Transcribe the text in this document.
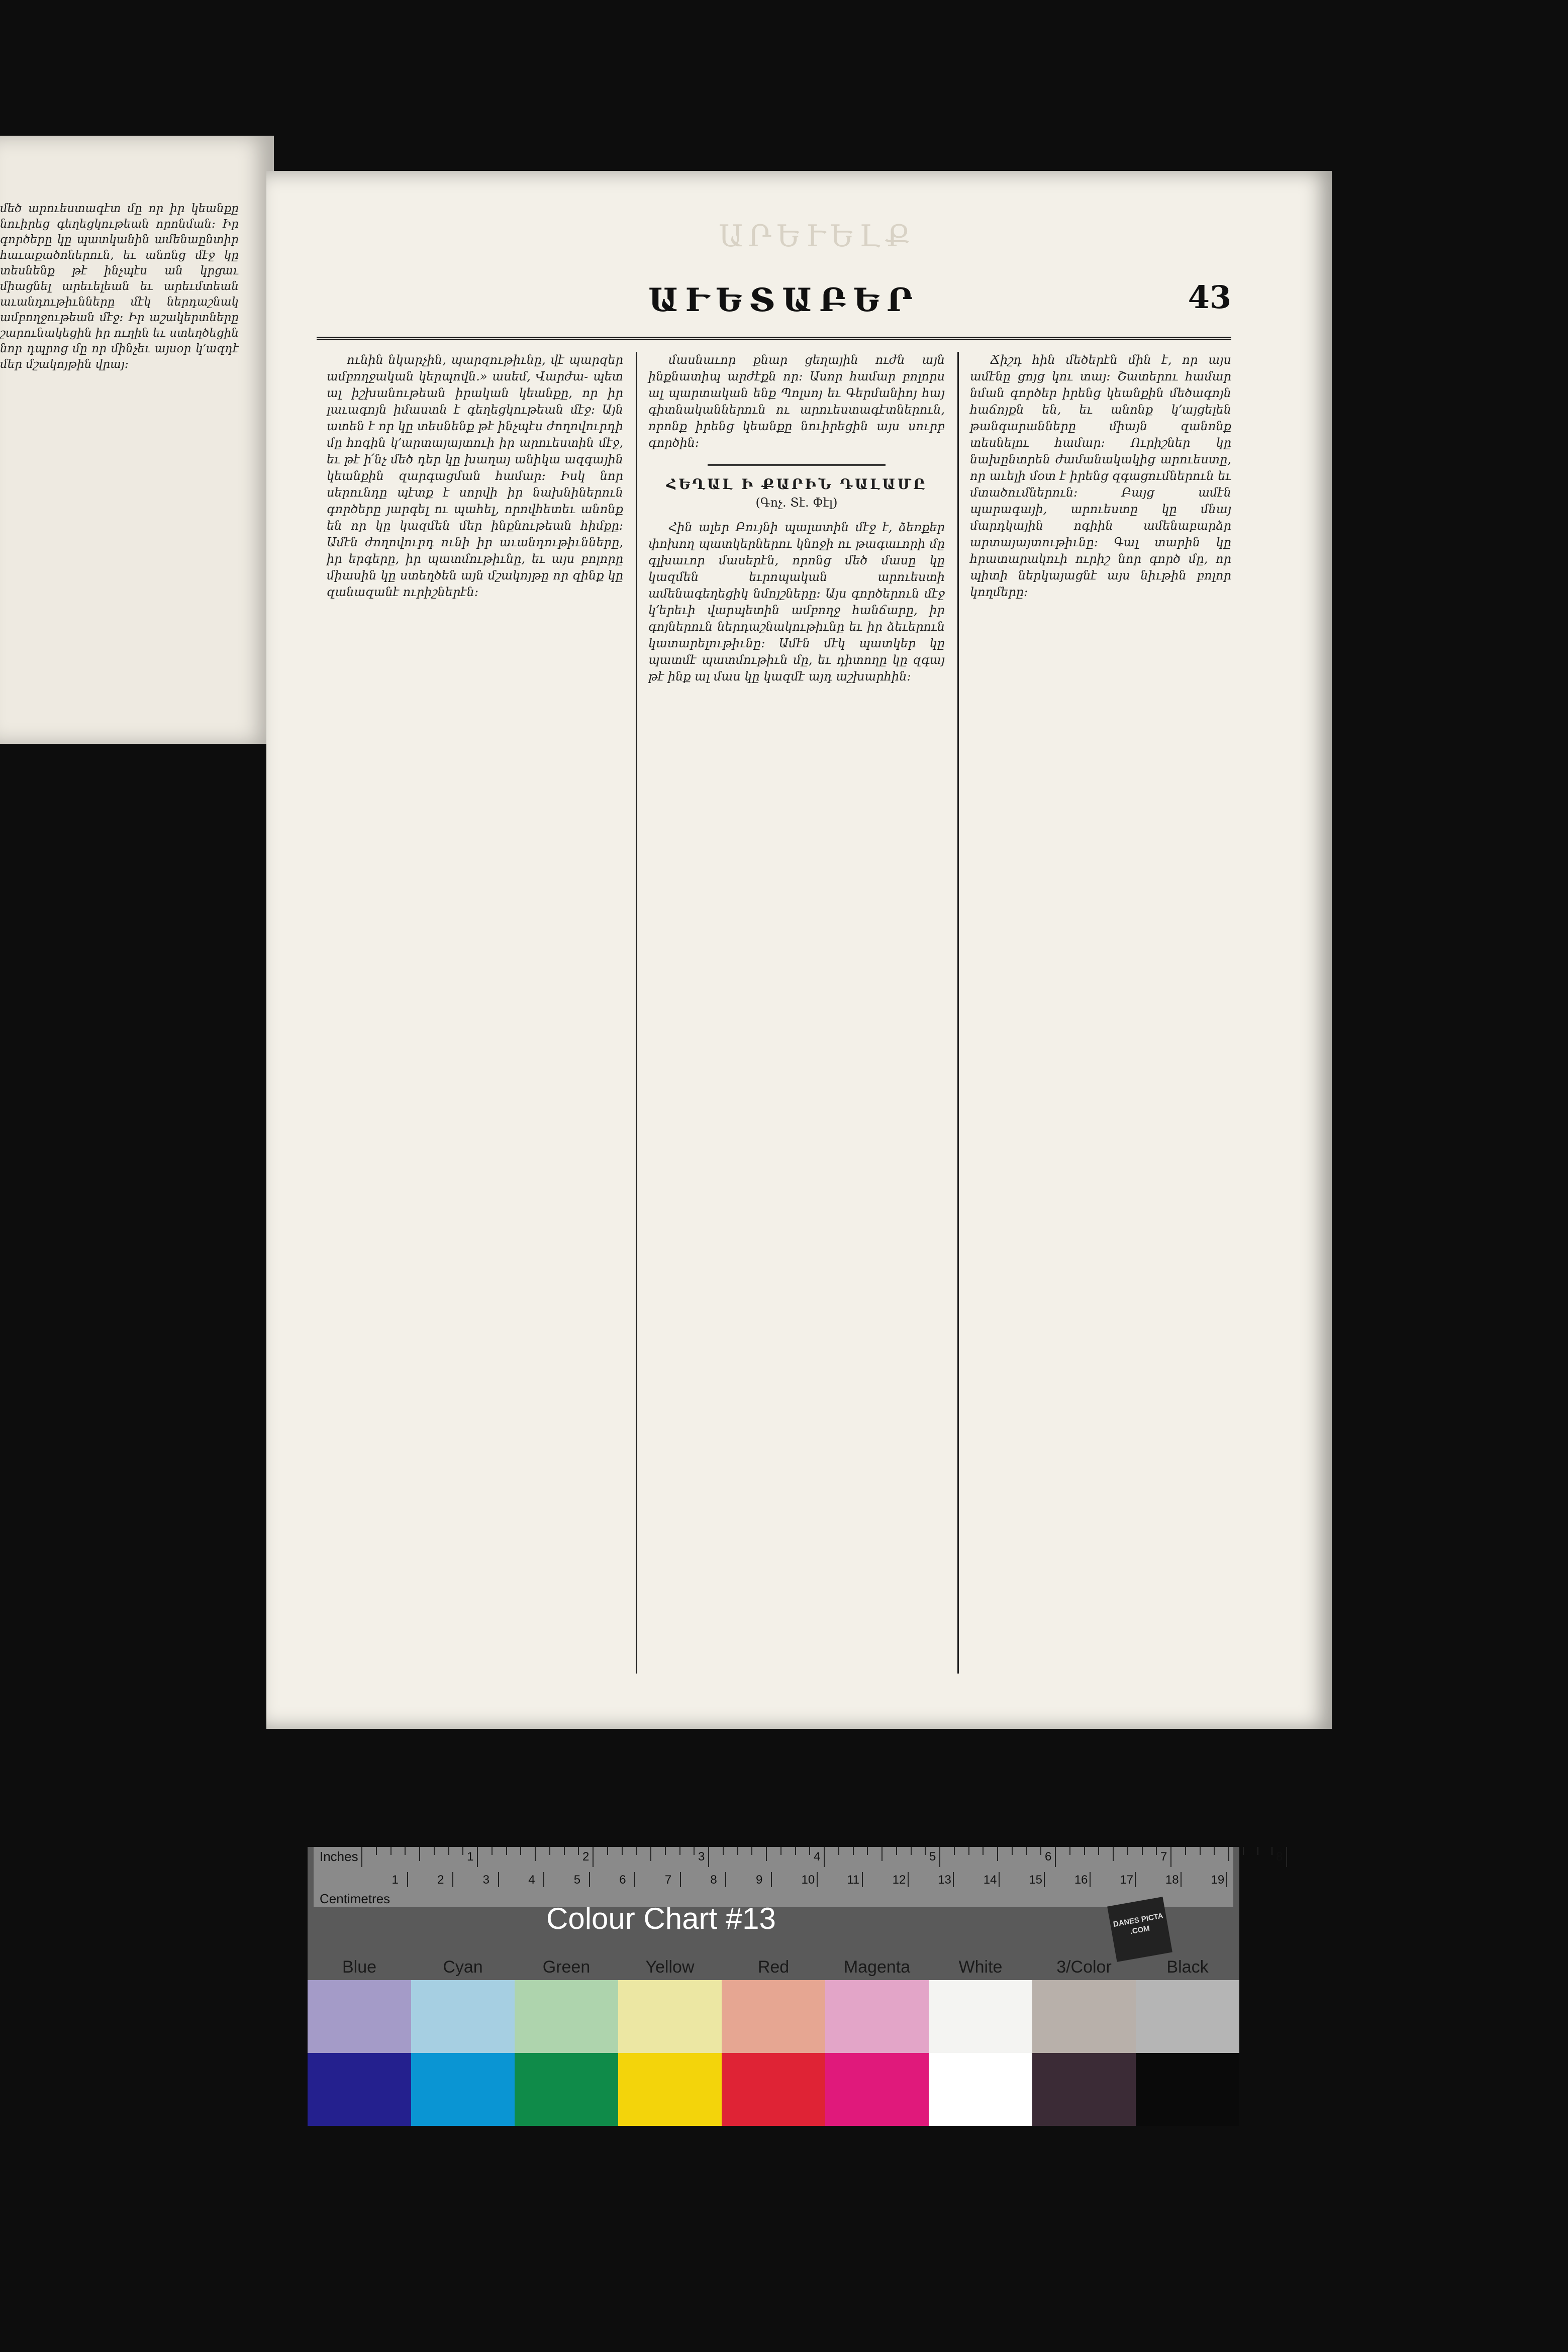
մեծ արուեստագէտ մը որ իր կեանքը նուիրեց գեղեցկութեան որոնման։ Իր գործերը կը պատկանին ամենաընտիր հաւաքածոներուն, եւ անոնց մէջ կը տեսնենք թէ ինչպէս ան կրցաւ միացնել արեւելեան եւ արեւմտեան աւանդութիւնները մէկ ներդաշնակ ամբողջութեան մէջ։ Իր աշակերտները շարունակեցին իր ուղին եւ ստեղծեցին նոր դպրոց մը որ մինչեւ այսօր կ՚ազդէ մեր մշակոյթին վրայ։
ԱՐԵՒԵԼՔ
ԱՒԵՏԱԲԵՐ	43

ունին նկարչին, պարզութիւնը, վէ պարզեր ամբողջական կերպովն.» ասեմ, Վարժա֊ պետ ալ իշխանութեան իրական կեանքը, որ իր լաւագոյն իմաստն է գեղեցկութեան մէջ։ Այն ատեն է որ կը տեսնենք թէ ինչպէս ժողովուրդի մը հոգին կ՚արտայայտուի իր արուեստին մէջ, եւ թէ ի՛նչ մեծ դեր կը խաղայ անիկա ազգային կեանքին զարգացման համար։ Իսկ նոր սերունդը պէտք է սորվի իր նախնիներուն գործերը յարգել ու պահել, որովհետեւ անոնք են որ կը կազմեն մեր ինքնութեան հիմքը։ Ամէն ժողովուրդ ունի իր աւանդութիւնները, իր երգերը, իր պատմութիւնը, եւ այս բոլորը միասին կը ստեղծեն այն մշակոյթը որ զինք կը զանազանէ ուրիշներէն։

մասնաւոր քնար ցեղային ուժն այն ինքնատիպ արժէքն որ։ Ասոր համար բոլորս ալ պարտական ենք Պոլսոյ եւ Գերմանիոյ հայ գիտնականներուն ու արուեստագէտներուն, որոնք իրենց կեանքը նուիրեցին այս սուրբ գործին։

ՀԵՂԱԼ Ի ՔԱՐԻՆ ԴԱԼԱՄԸ
(Գոչ. Տէ. Փէլ)

Հին ալեր Բույնի պալատին մէջ է, ձեռքեր փոխող պատկերներու կնոջի ու թագաւորի մը գլխաւոր մասերէն, որոնց մեծ մասը կը կազմեն եւրոպական արուեստի ամենագեղեցիկ նմոյշները։ Այս գործերուն մէջ կ՚երեւի վարպետին ամբողջ հանճարը, իր գոյներուն ներդաշնակութիւնը եւ իր ձեւերուն կատարելութիւնը։ Ամէն մէկ պատկեր կը պատմէ պատմութիւն մը, եւ դիտողը կը զգայ թէ ինք ալ մաս կը կազմէ այդ աշխարհին։

Ճիշդ հին մեծերէն մին է, որ այս ամէնը ցոյց կու տայ։ Շատերու համար նման գործեր իրենց կեանքին մեծագոյն հաճոյքն են, եւ անոնք կ՚այցելեն թանգարանները միայն զանոնք տեսնելու համար։ Ուրիշներ կը նախընտրեն ժամանակակից արուեստը, որ աւելի մօտ է իրենց զգացումներուն եւ մտածումներուն։ Բայց ամէն պարագայի, արուեստը կը մնայ մարդկային ոգիին ամենաբարձր արտայայտութիւնը։ Գալ տարին կը հրատարակուի ուրիշ նոր գործ մը, որ պիտի ներկայացնէ այս նիւթին բոլոր կողմերը։

Inches
Centimetres
1	2	3	4	5	6	7	8
1	2	3	4	5	6	7	8	9	10	11	12	13	14	15	16	17	18	19
Colour Chart #13	DANES PICTA .COM
Blue	Cyan	Green	Yellow	Red	Magenta	White	3/Color	Black
